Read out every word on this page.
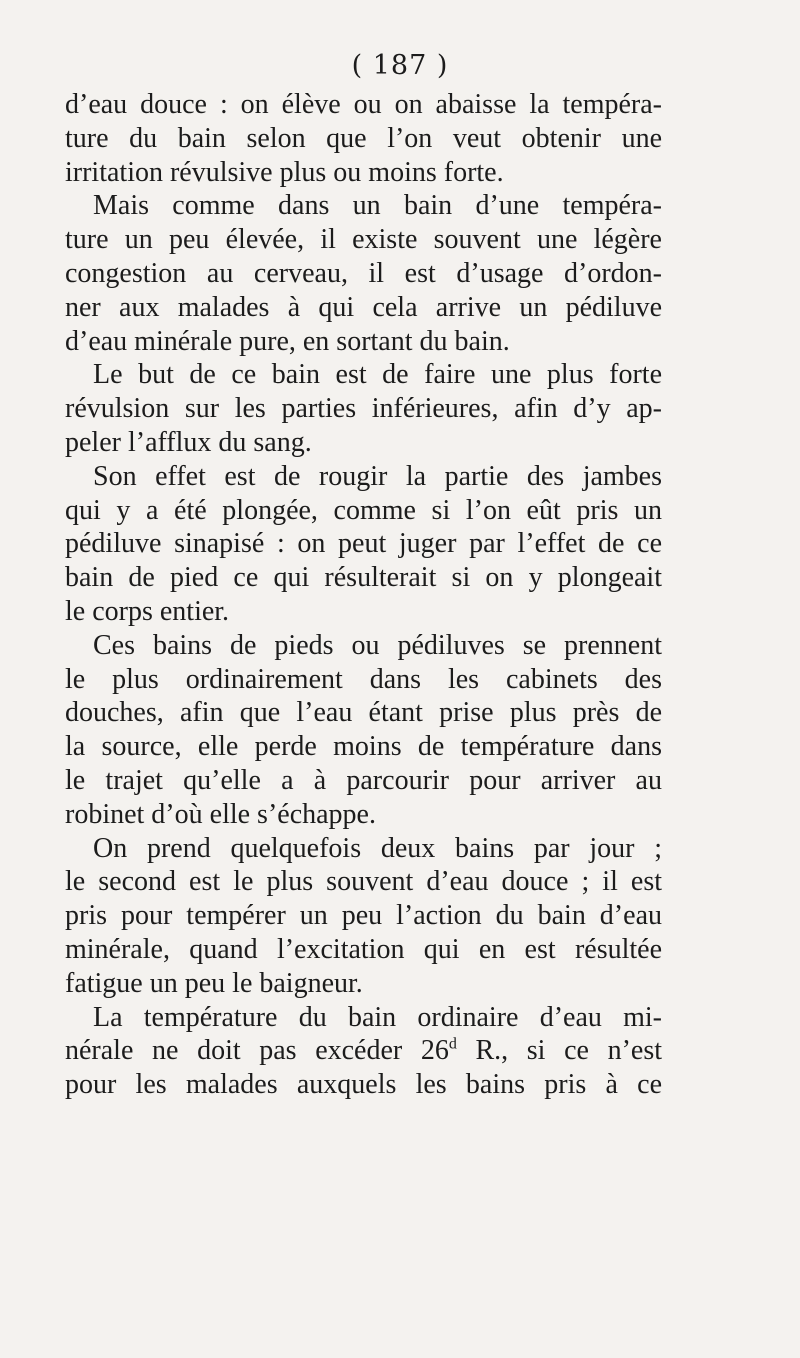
( 187 )
d’eau douce : on élève ou on abaisse la tempéra-
ture du bain selon que l’on veut obtenir une
irritation révulsive plus ou moins forte.
Mais comme dans un bain d’une tempéra-
ture un peu élevée, il existe souvent une légère
congestion au cerveau, il est d’usage d’ordon-
ner aux malades à qui cela arrive un pédiluve
d’eau minérale pure, en sortant du bain.
Le but de ce bain est de faire une plus forte
révulsion sur les parties inférieures, afin d’y ap-
peler l’afflux du sang.
Son effet est de rougir la partie des jambes
qui y a été plongée, comme si l’on eût pris un
pédiluve sinapisé : on peut juger par l’effet de ce
bain de pied ce qui résulterait si on y plongeait
le corps entier.
Ces bains de pieds ou pédiluves se prennent
le plus ordinairement dans les cabinets des
douches, afin que l’eau étant prise plus près de
la source, elle perde moins de température dans
le trajet qu’elle a à parcourir pour arriver au
robinet d’où elle s’échappe.
On prend quelquefois deux bains par jour ;
le second est le plus souvent d’eau douce ; il est
pris pour tempérer un peu l’action du bain d’eau
minérale, quand l’excitation qui en est résultée
fatigue un peu le baigneur.
La température du bain ordinaire d’eau mi-
nérale ne doit pas excéder 26$^d$ R., si ce n’est
pour les malades auxquels les bains pris à ce
